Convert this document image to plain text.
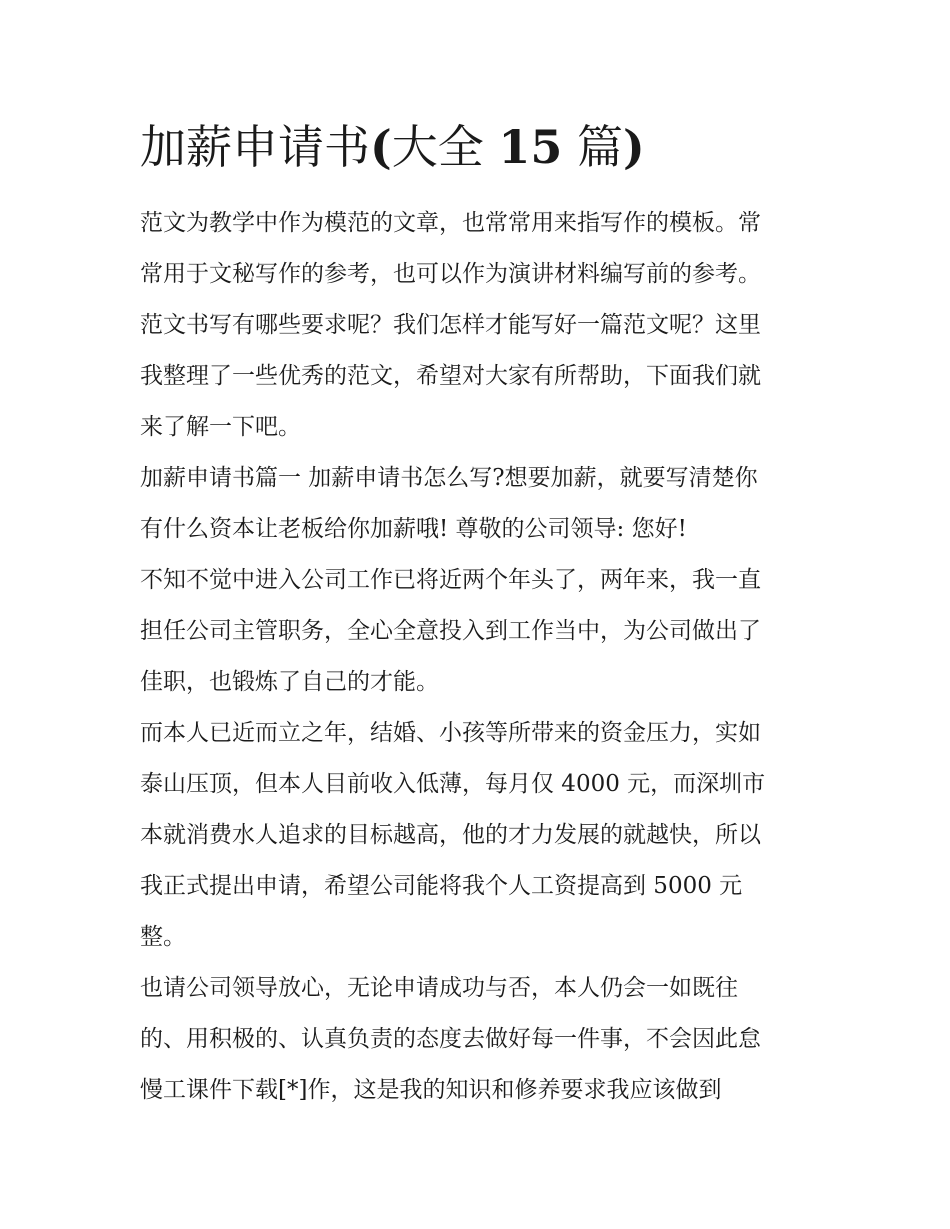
加薪申请书(大全 15 篇)
范文为教学中作为模范的文章，也常常用来指写作的模板。常
常用于文秘写作的参考，也可以作为演讲材料编写前的参考。
范文书写有哪些要求呢？我们怎样才能写好一篇范文呢？这里
我整理了一些优秀的范文，希望对大家有所帮助，下面我们就
来了解一下吧。
加薪申请书篇一 加薪申请书怎么写?想要加薪，就要写清楚你
有什么资本让老板给你加薪哦! 尊敬的公司领导: 您好!
不知不觉中进入公司工作已将近两个年头了，两年来，我一直
担任公司主管职务，全心全意投入到工作当中，为公司做出了
佳职，也锻炼了自己的才能。
而本人已近而立之年，结婚、小孩等所带来的资金压力，实如
泰山压顶，但本人目前收入低薄，每月仅 4000 元，而深圳市
本就消费水人追求的目标越高，他的才力发展的就越快，所以
我正式提出申请，希望公司能将我个人工资提高到 5000 元
整。
也请公司领导放心，无论申请成功与否，本人仍会一如既往
的、用积极的、认真负责的态度去做好每一件事，不会因此怠
慢工课件下载[*]作，这是我的知识和修养要求我应该做到
